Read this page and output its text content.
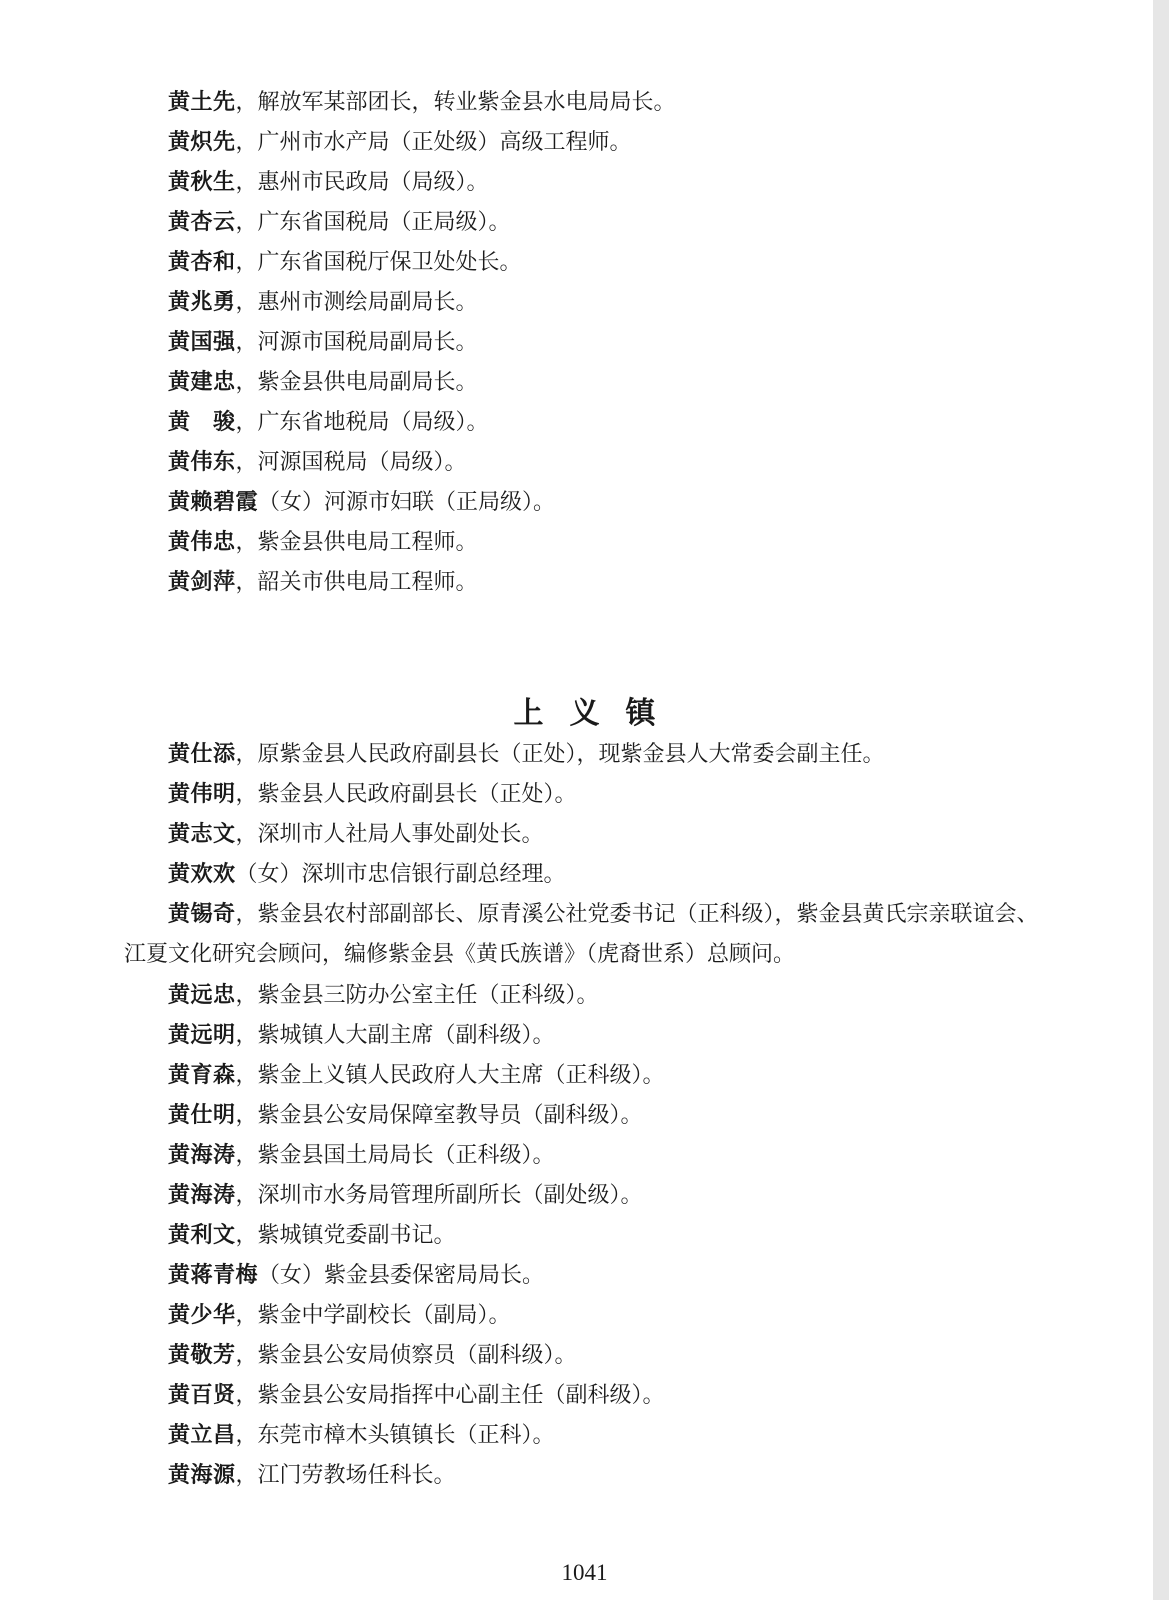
黄土先，解放军某部团长，转业紫金县水电局局长。

黄炽先，广州市水产局（正处级）高级工程师。

黄秋生，惠州市民政局（局级）。

黄杏云，广东省国税局（正局级）。

黄杏和，广东省国税厅保卫处处长。

黄兆勇，惠州市测绘局副局长。

黄国强，河源市国税局副局长。

黄建忠，紫金县供电局副局长。

黄　骏，广东省地税局（局级）。

黄伟东，河源国税局（局级）。

黄赖碧霞（女）河源市妇联（正局级）。

黄伟忠，紫金县供电局工程师。

黄剑萍，韶关市供电局工程师。

上义镇

黄仕添，原紫金县人民政府副县长（正处），现紫金县人大常委会副主任。

黄伟明，紫金县人民政府副县长（正处）。

黄志文，深圳市人社局人事处副处长。

黄欢欢（女）深圳市忠信银行副总经理。

黄锡奇，紫金县农村部副部长、原青溪公社党委书记（正科级），紫金县黄氏宗亲联谊会、江夏文化研究会顾问，编修紫金县《黄氏族谱》（虎裔世系）总顾问。

黄远忠，紫金县三防办公室主任（正科级）。

黄远明，紫城镇人大副主席（副科级）。

黄育森，紫金上义镇人民政府人大主席（正科级）。

黄仕明，紫金县公安局保障室教导员（副科级）。

黄海涛，紫金县国土局局长（正科级）。

黄海涛，深圳市水务局管理所副所长（副处级）。

黄利文，紫城镇党委副书记。

黄蒋青梅（女）紫金县委保密局局长。

黄少华，紫金中学副校长（副局）。

黄敬芳，紫金县公安局侦察员（副科级）。

黄百贤，紫金县公安局指挥中心副主任（副科级）。

黄立昌，东莞市樟木头镇镇长（正科）。

黄海源，江门劳教场任科长。

1041
